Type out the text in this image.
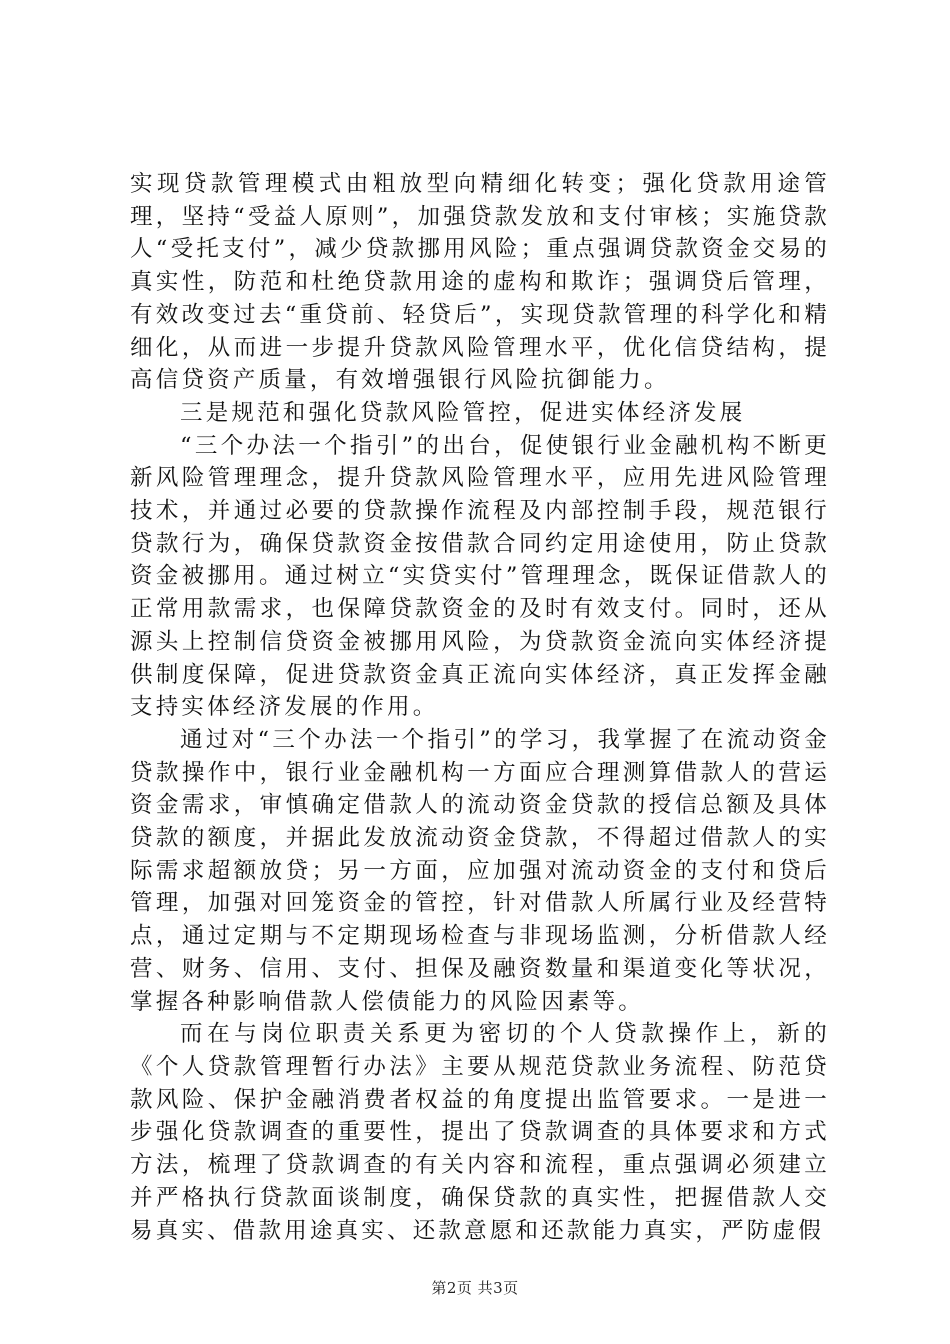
实现贷款管理模式由粗放型向精细化转变；强化贷款用途管理，坚持“受益人原则”，加强贷款发放和支付审核；实施贷款人“受托支付”，减少贷款挪用风险；重点强调贷款资金交易的真实性，防范和杜绝贷款用途的虚构和欺诈；强调贷后管理，有效改变过去“重贷前、轻贷后”，实现贷款管理的科学化和精细化，从而进一步提升贷款风险管理水平，优化信贷结构，提高信贷资产质量，有效增强银行风险抗御能力。

三是规范和强化贷款风险管控，促进实体经济发展

“三个办法一个指引”的出台，促使银行业金融机构不断更新风险管理理念，提升贷款风险管理水平，应用先进风险管理技术，并通过必要的贷款操作流程及内部控制手段，规范银行贷款行为，确保贷款资金按借款合同约定用途使用，防止贷款资金被挪用。通过树立“实贷实付”管理理念，既保证借款人的正常用款需求，也保障贷款资金的及时有效支付。同时，还从源头上控制信贷资金被挪用风险，为贷款资金流向实体经济提供制度保障，促进贷款资金真正流向实体经济，真正发挥金融支持实体经济发展的作用。

通过对“三个办法一个指引”的学习，我掌握了在流动资金贷款操作中，银行业金融机构一方面应合理测算借款人的营运资金需求，审慎确定借款人的流动资金贷款的授信总额及具体贷款的额度，并据此发放流动资金贷款，不得超过借款人的实际需求超额放贷；另一方面，应加强对流动资金的支付和贷后管理，加强对回笼资金的管控，针对借款人所属行业及经营特点，通过定期与不定期现场检查与非现场监测，分析借款人经营、财务、信用、支付、担保及融资数量和渠道变化等状况，掌握各种影响借款人偿债能力的风险因素等。

而在与岗位职责关系更为密切的个人贷款操作上，新的《个人贷款管理暂行办法》主要从规范贷款业务流程、防范贷款风险、保护金融消费者权益的角度提出监管要求。一是进一步强化贷款调查的重要性，提出了贷款调查的具体要求和方式方法，梳理了贷款调查的有关内容和流程，重点强调必须建立并严格执行贷款面谈制度，确保贷款的真实性，把握借款人交易真实、借款用途真实、还款意愿和还款能力真实，严防虚假

第2页 共3页
